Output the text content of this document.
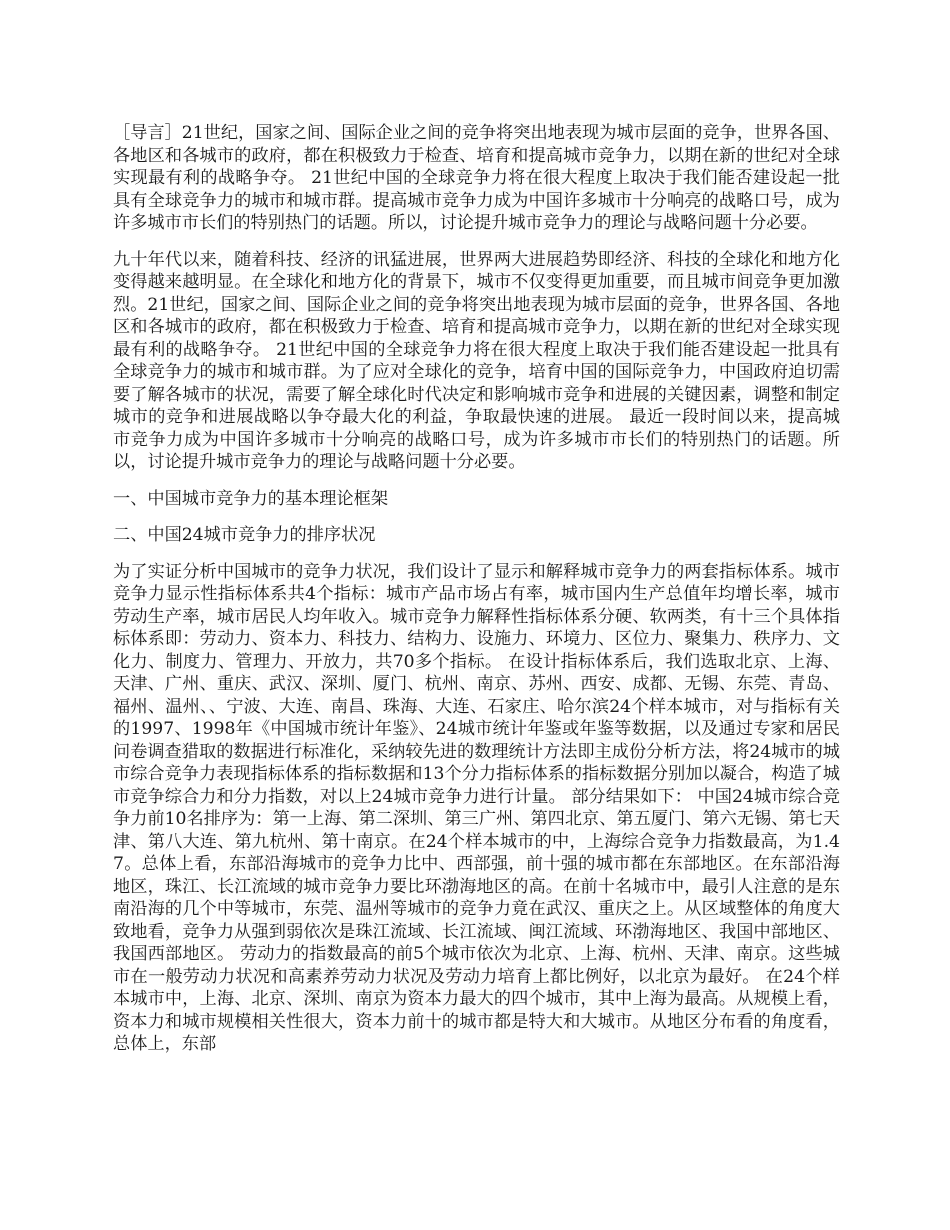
［导言］21世纪，国家之间、国际企业之间的竞争将突出地表现为城市层面的竞争，世界各国、各地区和各城市的政府，都在积极致力于检查、培育和提高城市竞争力，以期在新的世纪对全球实现最有利的战略争夺。 21世纪中国的全球竞争力将在很大程度上取决于我们能否建设起一批具有全球竞争力的城市和城市群。提高城市竞争力成为中国许多城市十分响亮的战略口号，成为许多城市市长们的特别热门的话题。所以，讨论提升城市竞争力的理论与战略问题十分必要。

九十年代以来，随着科技、经济的讯猛进展，世界两大进展趋势即经济、科技的全球化和地方化变得越来越明显。在全球化和地方化的背景下，城市不仅变得更加重要，而且城市间竞争更加激烈。21世纪，国家之间、国际企业之间的竞争将突出地表现为城市层面的竞争，世界各国、各地区和各城市的政府，都在积极致力于检查、培育和提高城市竞争力，以期在新的世纪对全球实现最有利的战略争夺。 21世纪中国的全球竞争力将在很大程度上取决于我们能否建设起一批具有全球竞争力的城市和城市群。为了应对全球化的竞争，培育中国的国际竞争力，中国政府迫切需要了解各城市的状况，需要了解全球化时代决定和影响城市竞争和进展的关键因素，调整和制定城市的竞争和进展战略以争夺最大化的利益，争取最快速的进展。 最近一段时间以来，提高城市竞争力成为中国许多城市十分响亮的战略口号，成为许多城市市长们的特别热门的话题。所以，讨论提升城市竞争力的理论与战略问题十分必要。

一、中国城市竞争力的基本理论框架

二、中国24城市竞争力的排序状况

为了实证分析中国城市的竞争力状况，我们设计了显示和解释城市竞争力的两套指标体系。城市竞争力显示性指标体系共4个指标：城市产品市场占有率，城市国内生产总值年均增长率，城市劳动生产率，城市居民人均年收入。城市竞争力解释性指标体系分硬、软两类，有十三个具体指标体系即：劳动力、资本力、科技力、结构力、设施力、环境力、区位力、聚集力、秩序力、文化力、制度力、管理力、开放力，共70多个指标。 在设计指标体系后，我们选取北京、上海、天津、广州、重庆、武汉、深圳、厦门、杭州、南京、苏州、西安、成都、无锡、东莞、青岛、福州、温州、、宁波、大连、南昌、珠海、大连、石家庄、哈尔滨24个样本城市，对与指标有关的1997、1998年《中国城市统计年鉴》、24城市统计年鉴或年鉴等数据，以及通过专家和居民问卷调查猎取的数据进行标准化，采纳较先进的数理统计方法即主成份分析方法，将24城市的城市综合竞争力表现指标体系的指标数据和13个分力指标体系的指标数据分别加以凝合，构造了城市竞争综合力和分力指数，对以上24城市竞争力进行计量。 部分结果如下： 中国24城市综合竞争力前10名排序为：第一上海、第二深圳、第三广州、第四北京、第五厦门、第六无锡、第七天津、第八大连、第九杭州、第十南京。在24个样本城市的中，上海综合竞争力指数最高，为1.47。总体上看，东部沿海城市的竞争力比中、西部强，前十强的城市都在东部地区。在东部沿海地区，珠江、长江流域的城市竞争力要比环渤海地区的高。在前十名城市中，最引人注意的是东南沿海的几个中等城市，东莞、温州等城市的竞争力竟在武汉、重庆之上。从区域整体的角度大致地看，竞争力从强到弱依次是珠江流域、长江流域、闽江流域、环渤海地区、我国中部地区、我国西部地区。 劳动力的指数最高的前5个城市依次为北京、上海、杭州、天津、南京。这些城市在一般劳动力状况和高素养劳动力状况及劳动力培育上都比例好，以北京为最好。 在24个样本城市中，上海、北京、深圳、南京为资本力最大的四个城市，其中上海为最高。从规模上看，资本力和城市规模相关性很大，资本力前十的城市都是特大和大城市。从地区分布看的角度看，总体上，东部
